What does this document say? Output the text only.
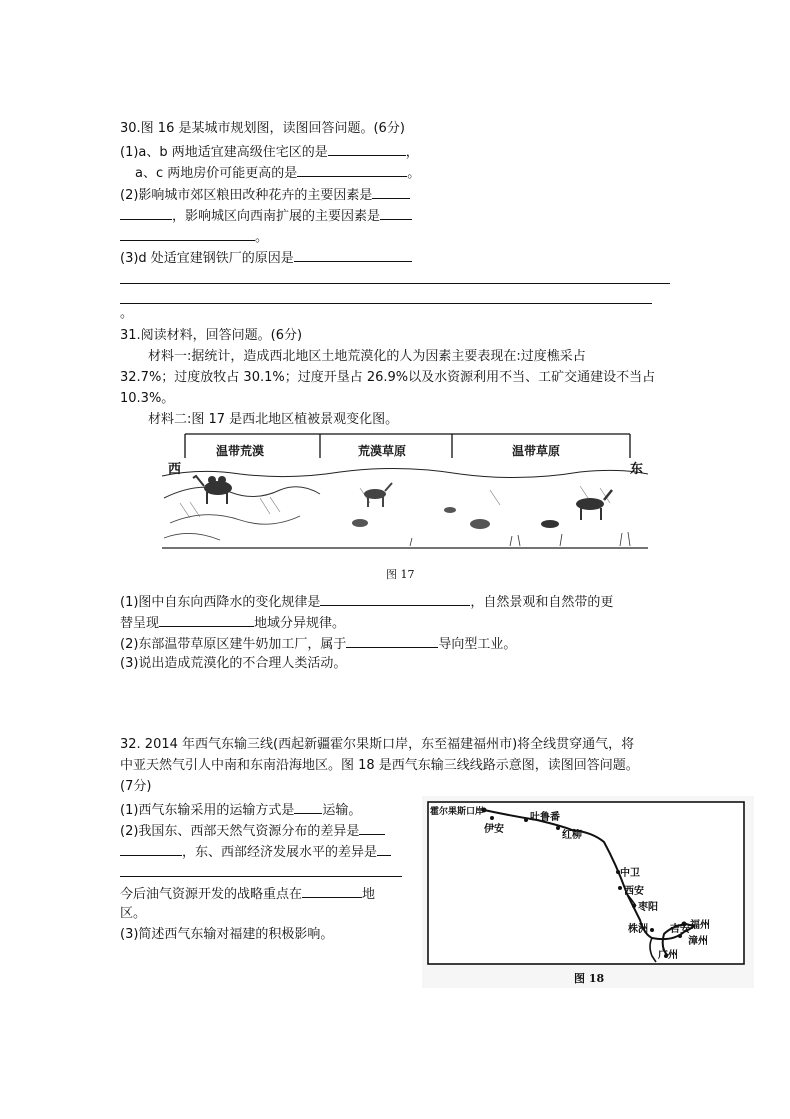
30.图 16 是某城市规划图，读图回答问题。(6分)
(1)a、b 两地适宜建高级住宅区的是	，
a、c 两地房价可能更高的是	。
(2)影响城市郊区粮田改种花卉的主要因素是
，影响城区向西南扩展的主要因素是
。
(3)d 处适宜建钢铁厂的原因是
。
31.阅读材料，回答问题。(6分)
材料一:据统计，造成西北地区土地荒漠化的人为因素主要表现在:过度樵采占
32.7%；过度放牧占 30.1%；过度开垦占 26.9%以及水资源利用不当、工矿交通建设不当占
10.3%。
材料二:图 17 是西北地区植被景观变化图。
温带荒漠	荒漠草原	温带草原
西	东
图 17
(1)图中自东向西降水的变化规律是	，自然景观和自然带的更
替呈现	地域分异规律。
(2)东部温带草原区建牛奶加工厂，属于	导向型工业。
(3)说出造成荒漠化的不合理人类活动。
32. 2014 年西气东输三线(西起新疆霍尔果斯口岸，东至福建福州市)将全线贯穿通气，将
中亚天然气引人中南和东南沿海地区。图 18 是西气东输三线线路示意图，读图回答问题。
(7分)
(1)西气东输采用的运输方式是 运输。
(2)我国东、西部天然气资源分布的差异是
，东、西部经济发展水平的差异是
今后油气资源开发的战略重点在	地
区。
(3)简述西气东输对福建的积极影响。
霍尔果斯口岸
伊安
吐鲁番
红柳
中卫
西安
枣阳
株洲 吉安 福州
漳州
广州
图 18
